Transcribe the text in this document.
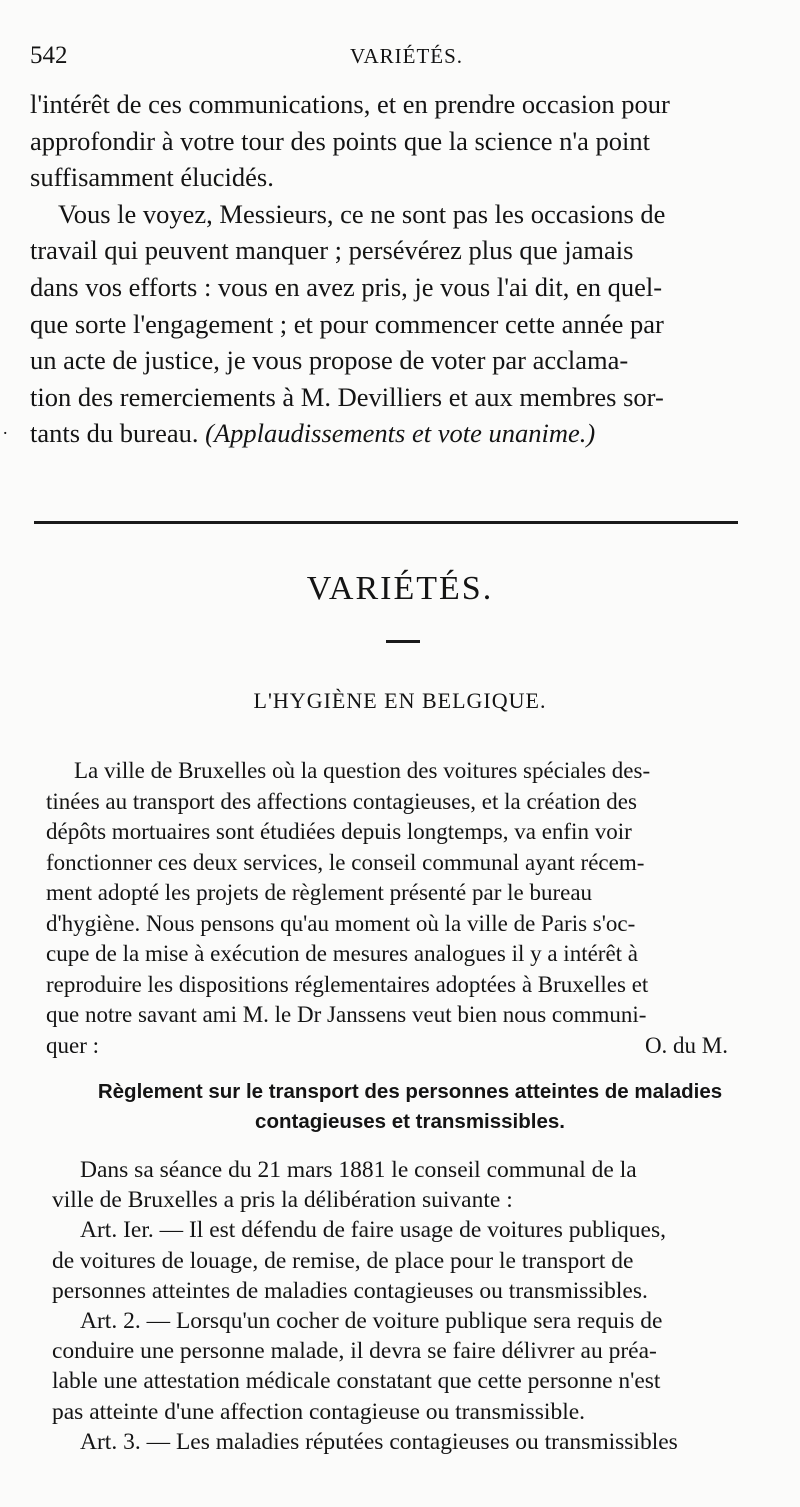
542	VARIÉTÉS.
.
l'intérêt de ces communications, et en prendre occasion pour
approfondir à votre tour des points que la science n'a point
suffisamment élucidés.
Vous le voyez, Messieurs, ce ne sont pas les occasions de
travail qui peuvent manquer ; persévérez plus que jamais
dans vos efforts : vous en avez pris, je vous l'ai dit, en quel-
que sorte l'engagement ; et pour commencer cette année par
un acte de justice, je vous propose de voter par acclama-
tion des remerciements à M. Devilliers et aux membres sor-
tants du bureau. (Applaudissements et vote unanime.)
VARIÉTÉS.
L'HYGIÈNE EN BELGIQUE.
La ville de Bruxelles où la question des voitures spéciales des-
tinées au transport des affections contagieuses, et la création des
dépôts mortuaires sont étudiées depuis longtemps, va enfin voir
fonctionner ces deux services, le conseil communal ayant récem-
ment adopté les projets de règlement présenté par le bureau
d'hygiène. Nous pensons qu'au moment où la ville de Paris s'oc-
cupe de la mise à exécution de mesures analogues il y a intérêt à
reproduire les dispositions réglementaires adoptées à Bruxelles et
que notre savant ami M. le Dr Janssens veut bien nous communi-
quer :	O. du M.
Règlement sur le transport des personnes atteintes de maladies
contagieuses et transmissibles.
Dans sa séance du 21 mars 1881 le conseil communal de la
ville de Bruxelles a pris la délibération suivante :
Art. Ier. — Il est défendu de faire usage de voitures publiques,
de voitures de louage, de remise, de place pour le transport de
personnes atteintes de maladies contagieuses ou transmissibles.
Art. 2. — Lorsqu'un cocher de voiture publique sera requis de
conduire une personne malade, il devra se faire délivrer au préa-
lable une attestation médicale constatant que cette personne n'est
pas atteinte d'une affection contagieuse ou transmissible.
Art. 3. — Les maladies réputées contagieuses ou transmissibles
